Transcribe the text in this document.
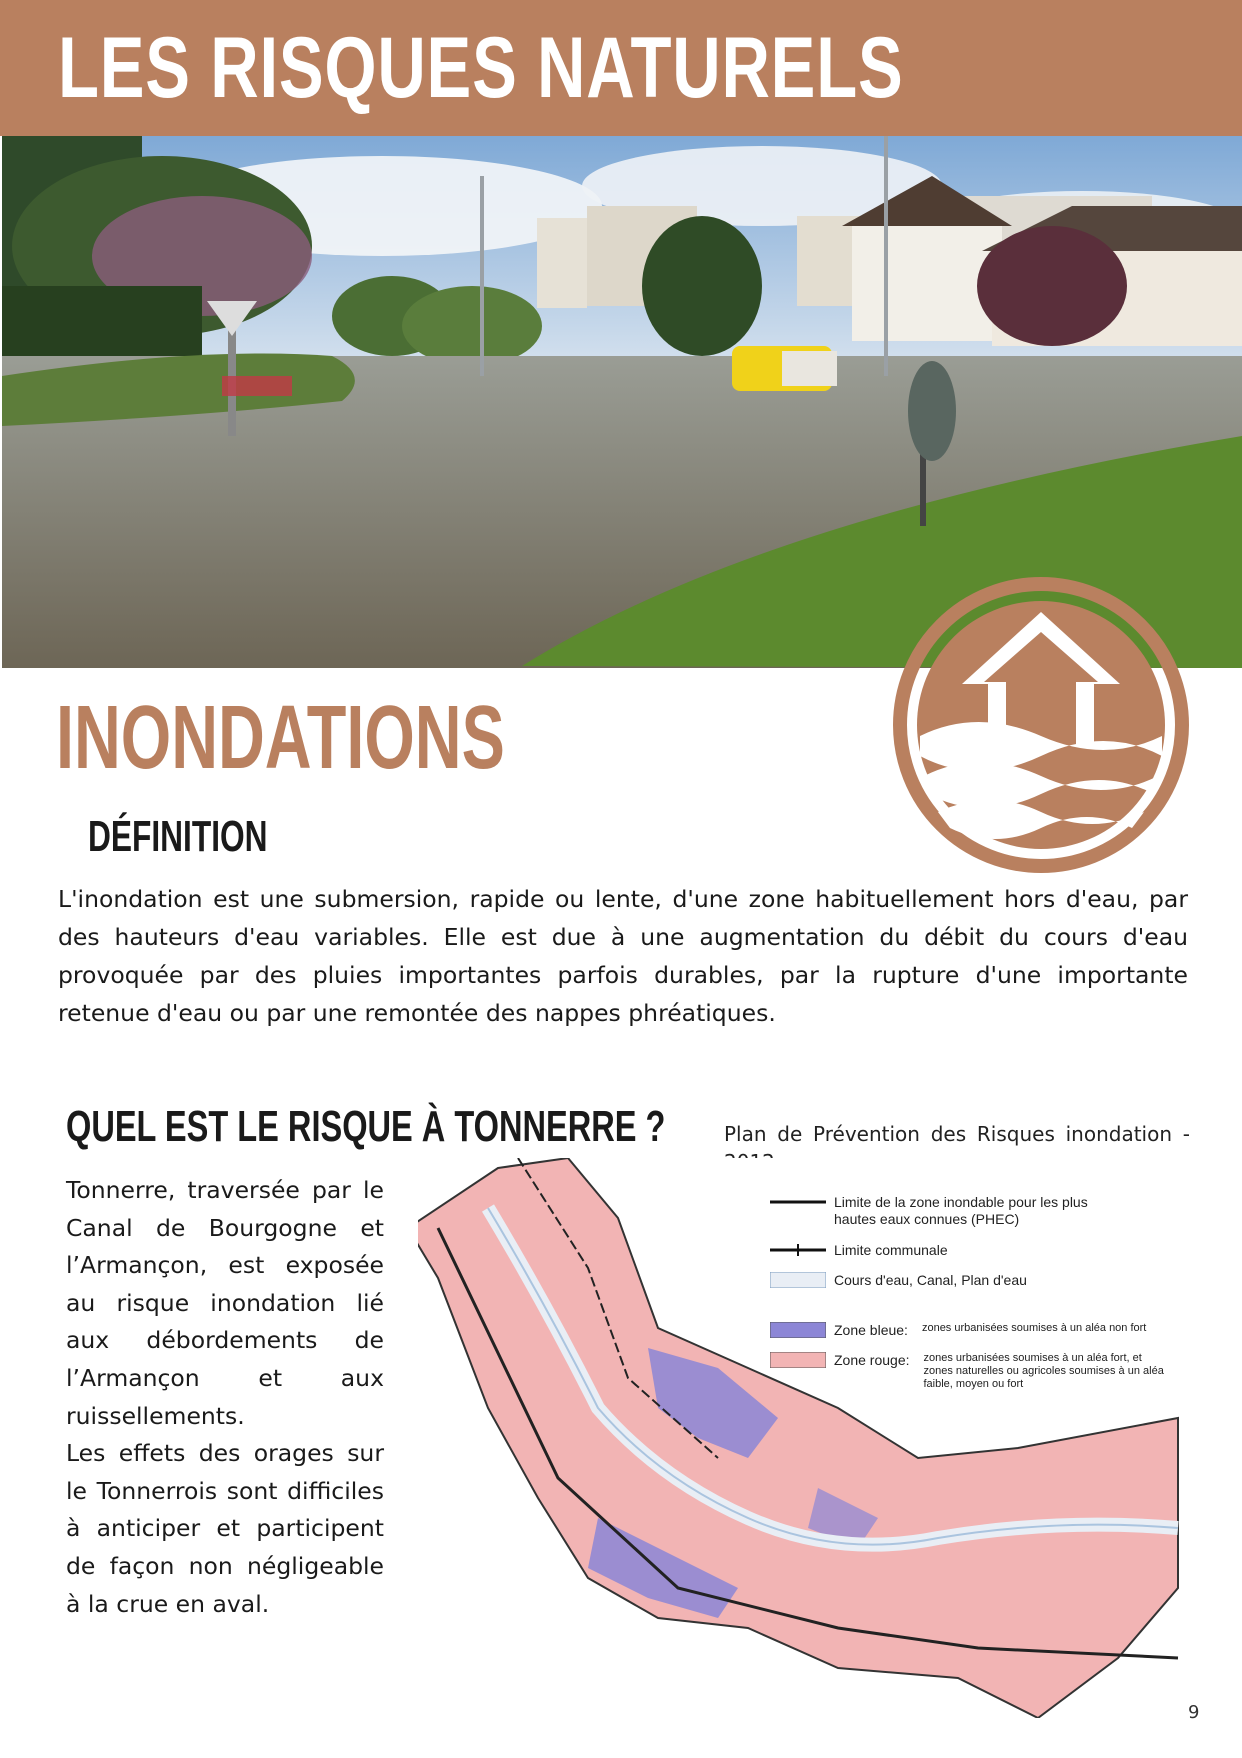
LES RISQUES NATURELS
INONDATIONS
DÉFINITION

L'inondation est une submersion, rapide ou lente, d'une zone habituellement hors d'eau, par des hauteurs d'eau variables. Elle est due à une augmentation du débit du cours d'eau provoquée par des pluies importantes parfois durables, par la rupture d'une importante retenue d'eau ou par une remontée des nappes phréatiques.

QUEL EST LE RISQUE À TONNERRE ?

Tonnerre, traversée par le Canal de Bourgogne et l’Armançon, est exposée au risque inondation lié aux débordements de l’Armançon et aux ruissellements.

Les effets des orages sur le Tonnerrois sont difficiles à anticiper et participent de façon non négligeable à la crue en aval.

Plan de Prévention des Risques inondation -
Limite de la zone inondable pour les plus hautes eaux connues (PHEC)
Limite communale
Cours d'eau, Canal, Plan d'eau
Zone bleue: zones urbanisées soumises à un aléa non fort
Zone rouge: zones urbanisées soumises à un aléa fort, et zones naturelles ou agricoles soumises à un aléa faible, moyen ou fort
9
